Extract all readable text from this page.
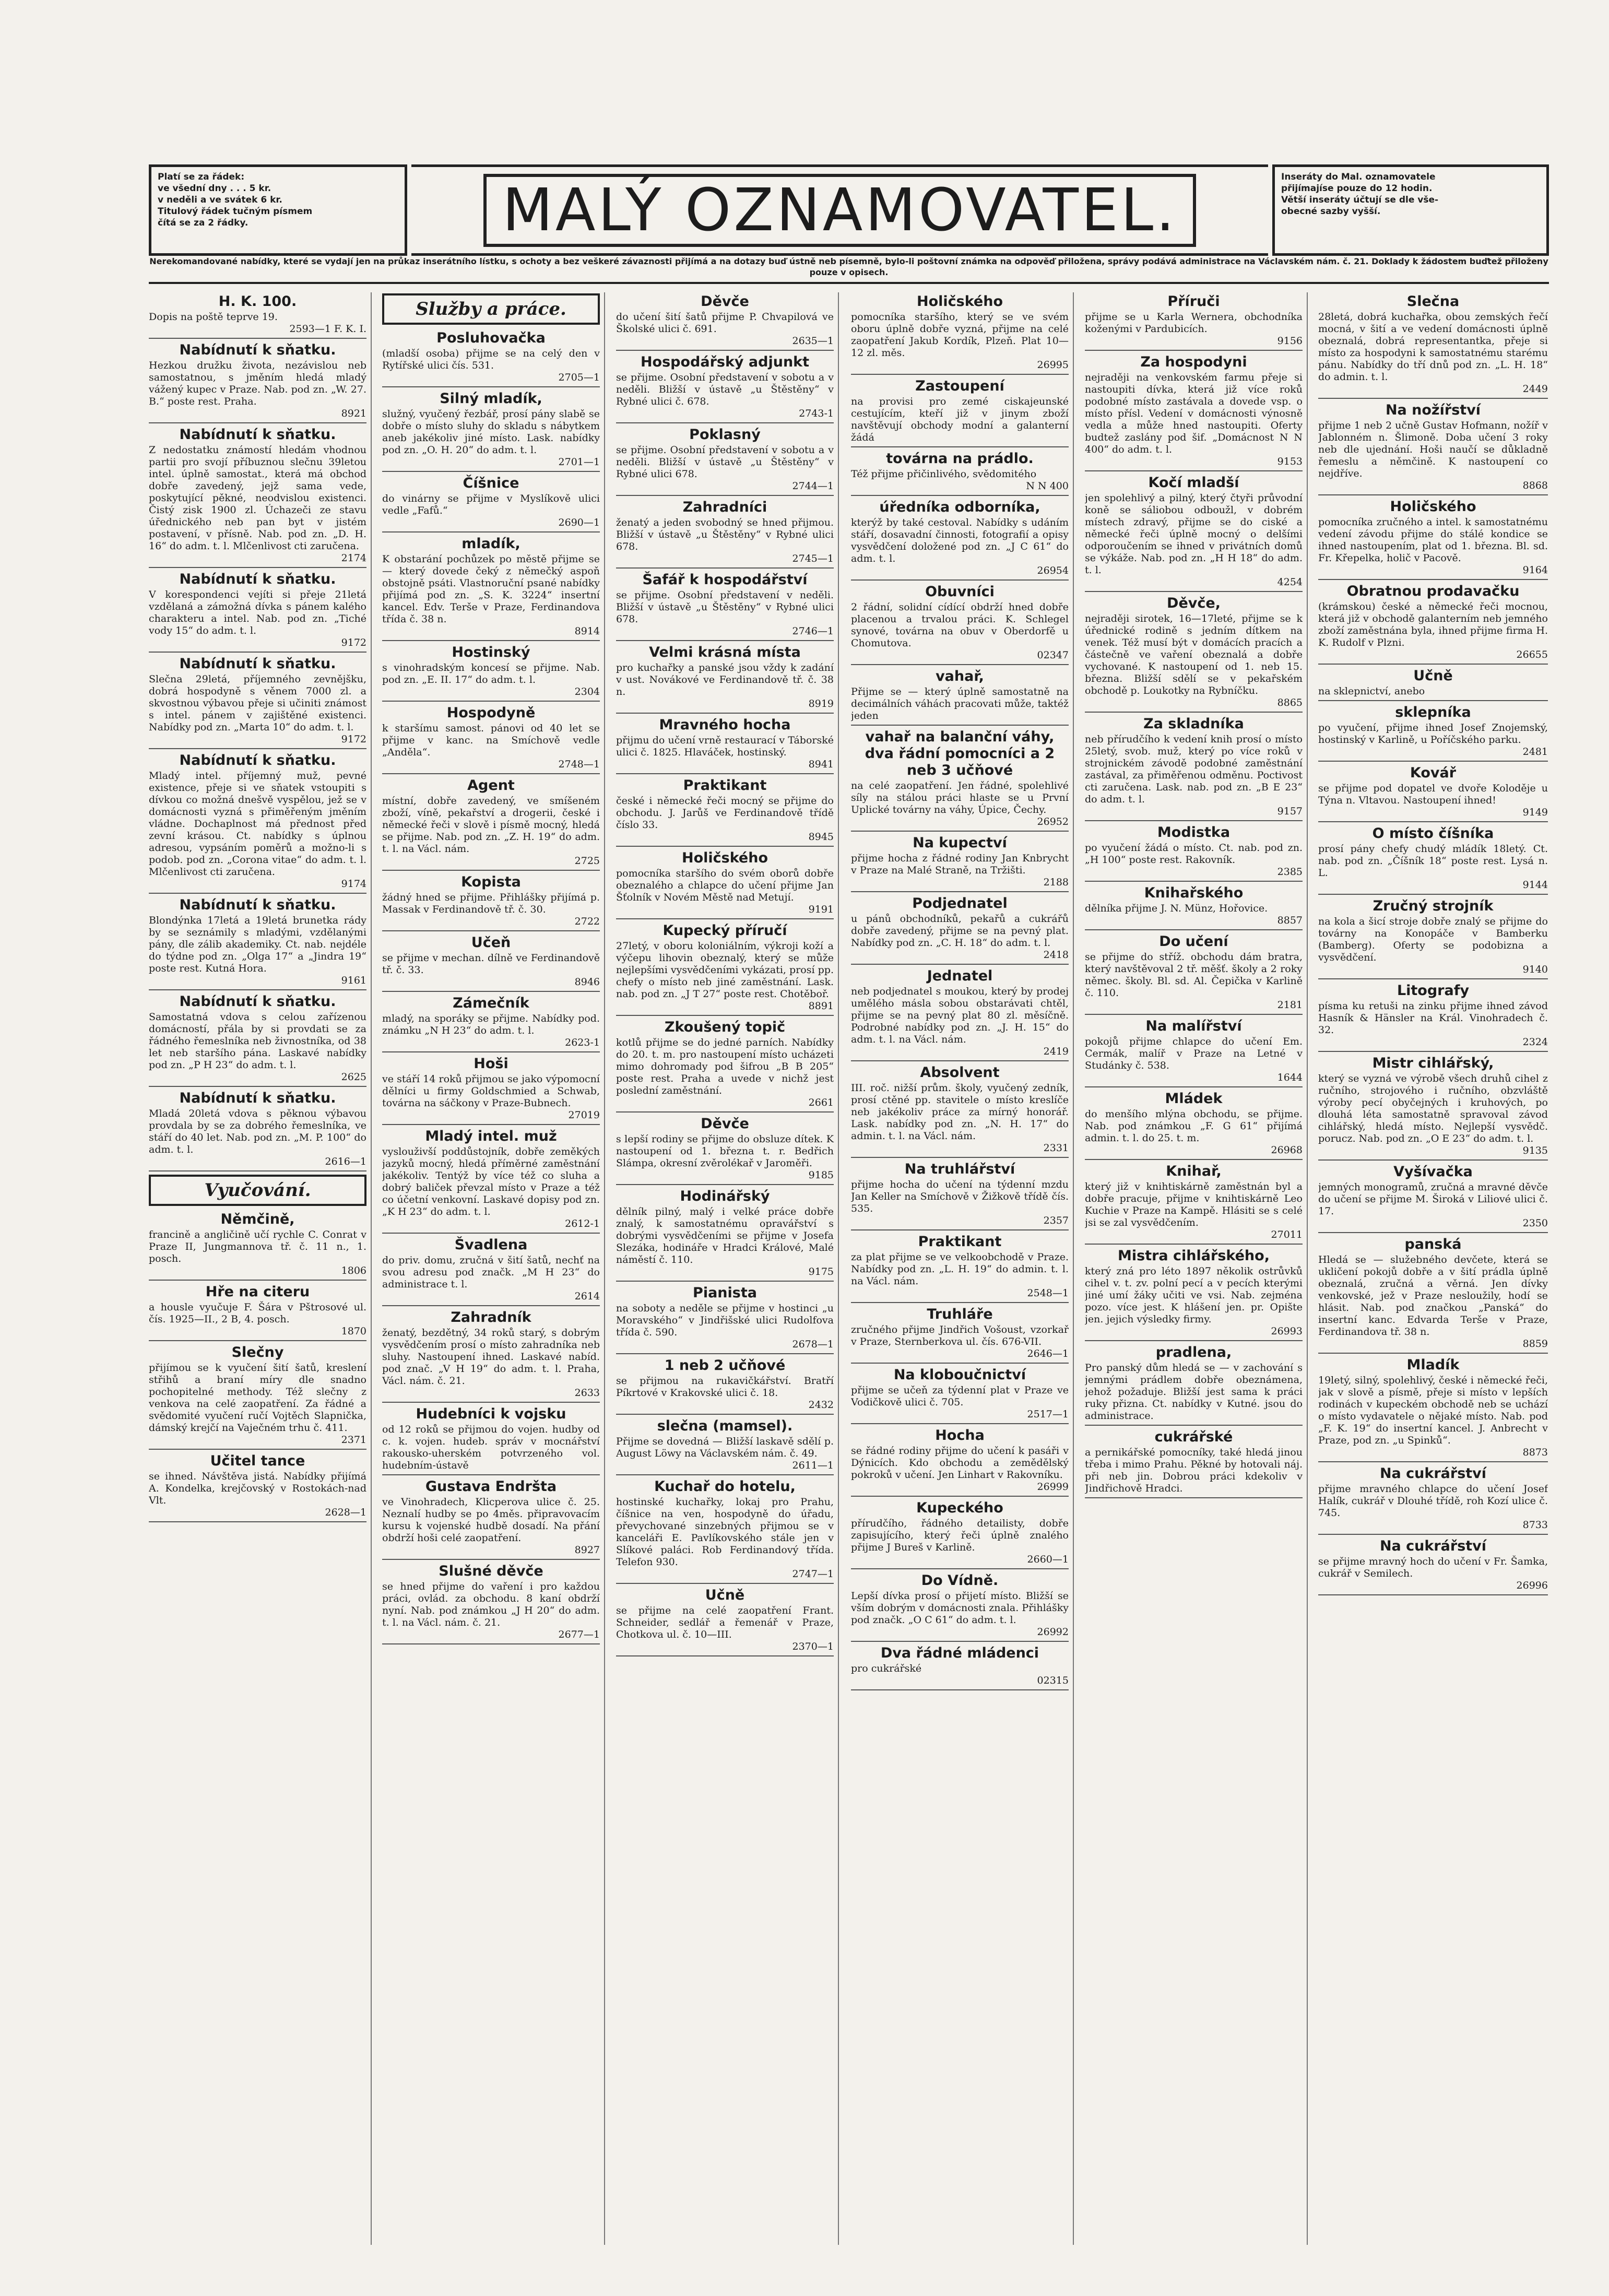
Platí se za řádek:
ve všední dny . . . 5 kr.
v neděli a ve svátek 6 kr.
Titulový řádek tučným písmem
čítá se za 2 řádky.	MALÝ OZNAMOVATEL.	Inseráty do Mal. oznamovatele
přijímajíse pouze do 12 hodin.
Větší inseráty účtují se dle vše-
obecné sazby vyšší.
Nerekomandované nabídky, které se vydají jen na průkaz inserátního lístku, s ochoty a bez veškeré závaznosti přijímá a na dotazy buď ústně neb písemně, bylo-li poštovní známka na odpověď přiložena, správy podává administrace na Václavském nám. č. 21. Doklady k žádostem buďtež přiloženy pouze v opisech.
H. K. 100.

Dopis na poště teprve 19.

2593—1 F. K. I.
Nabídnutí k sňatku.

Hezkou družku života, nezávislou neb samostatnou, s jměním hledá mladý vážený kupec v Praze. Nab. pod zn. „W. 27. B.“ poste rest. Praha.

8921
Nabídnutí k sňatku.

Z nedostatku známostí hledám vhodnou partii pro svojí příbuznou slečnu 39letou intel. úplně samostat., která má obchod dobře zavedený, jejž sama vede, poskytující pěkné, neodvislou existenci. Čistý zisk 1900 zl. Úchazeči ze stavu úřednického neb pan byt v jistém postavení, v přísně. Nab. pod zn. „D. H. 16“ do adm. t. l. Mlčenlivost cti zaručena.

2174
Nabídnutí k sňatku.

V korespondenci vejíti si přeje 21letá vzdělaná a zámožná dívka s pánem kalého charakteru a intel. Nab. pod zn. „Tiché vody 15“ do adm. t. l.

9172
Nabídnutí k sňatku.

Slečna 29letá, příjemného zevnějšku, dobrá hospodyně s věnem 7000 zl. a skvostnou výbavou přeje si učiniti známost s intel. pánem v zajištěné existenci. Nabídky pod zn. „Marta 10“ do adm. t. l.

9172
Nabídnutí k sňatku.

Mladý intel. příjemný muž, pevné existence, přeje si ve sňatek vstoupiti s dívkou co možná dnešvě vyspělou, jež se v domácnosti vyzná s přiměřeným jměním vládne. Dochaplnost má přednost před zevní krásou. Ct. nabídky s úplnou adresou, vypsáním poměrů a možno-li s podob. pod zn. „Corona vitae“ do adm. t. l. Mlčenlivost cti zaručena.

9174
Nabídnutí k sňatku.

Blondýnka 17letá a 19letá brunetka rády by se seznámily s mladými, vzdělanými pány, dle zálib akademiky. Ct. nab. nejdéle do týdne pod zn. „Olga 17“ a „Jindra 19“ poste rest. Kutná Hora.

9161
Nabídnutí k sňatku.

Samostatná vdova s celou zařízenou domácností, přála by si provdati se za řádného řemeslníka neb živnostníka, od 38 let neb staršího pána. Laskavé nabídky pod zn. „P H 23“ do adm. t. l.

2625
Nabídnutí k sňatku.

Mladá 20letá vdova s pěknou výbavou provdala by se za dobrého řemeslníka, ve stáří do 40 let. Nab. pod zn. „M. P. 100“ do adm. t. l.

2616—1
Vyučování.
Němčině,

francině a angličině učí rychle C. Conrat v Praze II, Jungmannova tř. č. 11 n., 1. posch.

1806
Hře na citeru

a housle vyučuje F. Šára v Pštrosové ul. čís. 1925—II., 2 B, 4. posch.

1870
Slečny

přijímou se k vyučení šití šatů, kreslení střihů a braní míry dle snadno pochopitelné methody. Též slečny z venkova na celé zaopatření. Za řádné a svědomité vyučení ručí Vojtěch Slapnička, dámský krejčí na Vaječném trhu č. 411.

2371
Učitel tance

se ihned. Návštěva jistá. Nabídky přijímá A. Kondelka, krejčovský v Rostokách-nad Vlt.

2628—1
Služby a práce.
Posluhovačka

(mladší osoba) přijme se na celý den v Rytířské ulici čís. 531.

2705—1
Silný mladík,

služný, vyučený řezbář, prosí pány slabě se dobře o místo sluhy do skladu s nábytkem aneb jakékoliv jiné místo. Lask. nabídky pod zn. „O. H. 20“ do adm. t. l.

2701—1
Číšnice

do vinárny se přijme v Myslíkově ulici vedle „Fafů.“

2690—1
mladík,

K obstarání pochůzek po městě přijme se — který dovede čeký z němečký aspoň obstojně psáti. Vlastnoruční psané nabídky přijímá pod zn. „S. K. 3224“ insertní kancel. Edv. Terše v Praze, Ferdinandova třída č. 38 n.

8914
Hostinský

s vinohradským koncesí se přijme. Nab. pod zn. „E. II. 17“ do adm. t. l.

2304
Hospodyně

k staršímu samost. pánovi od 40 let se přijme v kanc. na Smíchově vedle „Anděla“.

2748—1
Agent

místní, dobře zavedený, ve smíšeném zboží, víně, pekařství a drogerii, české i německé řeči v slově i písmě mocný, hledá se přijme. Nab. pod zn. „Z. H. 19“ do adm. t. l. na Václ. nám.

2725
Kopista

žádný hned se přijme. Přihlášky přijímá p. Massak v Ferdinandově tř. č. 30.

2722
Učeň

se přijme v mechan. dílně ve Ferdinandově tř. č. 33.

8946
Zámečník

mladý, na sporáky se přijme. Nabídky pod. známku „N H 23“ do adm. t. l.

2623-1
Hoši

ve stáří 14 roků přijmou se jako výpomocní dělníci u firmy Goldschmied a Schwab, továrna na sáčkony v Praze-Bubnech.

27019
Mladý intel. muž

vyslouživší poddůstojník, dobře zeměkých jazyků mocný, hledá příměrné zaměstnání jakékoliv. Tentýž by více též co sluha a dobrý baliček převzal místo v Praze a též co účetní venkovní. Laskavé dopisy pod zn. „K H 23“ do adm. t. l.

2612-1
Švadlena

do priv. domu, zručná v šití šatů, nechť na svou adresu pod značk. „M H 23“ do administrace t. l.

2614
Zahradník

ženatý, bezdětný, 34 roků starý, s dobrým vysvědčením prosí o místo zahradníka neb sluhy. Nastoupení ihned. Laskavé nabíd. pod znač. „V H 19“ do adm. t. l. Praha, Václ. nám. č. 21.

2633
Hudebníci k vojsku

od 12 roků se přijmou do vojen. hudby od c. k. vojen. hudeb. správ v mocnářství rakousko-uherském potvrzeného vol. hudebním-ústavě

Gustava Endršta

ve Vinohradech, Klicperova ulice č. 25. Neznalí hudby se po 4měs. připravovacím kursu k vojenské hudbě dosadí. Na přání obdrží hoši celé zaopatření.

8927
Slušné děvče

se hned přijme do vaření i pro každou práci, ovlád. za obchodu. 8 kaní obdrží nyní. Nab. pod známkou „J H 20“ do adm. t. l. na Václ. nám. č. 21.

2677—1
Děvče

do učení šití šatů přijme P. Chvapilová ve Školské ulici č. 691.

2635—1
Hospodářský adjunkt

se přijme. Osobní představení v sobotu a v neděli. Bližší v ústavě „u Štěstěny“ v Rybné ulici č. 678.

2743-1
Poklasný

se přijme. Osobní představení v sobotu a v neděli. Bližší v ústavě „u Štěstěny“ v Rybné ulici 678.

2744—1
Zahradníci

ženatý a jeden svobodný se hned přijmou. Bližší v ústavě „u Štěstěny“ v Rybné ulici 678.

2745—1
Šafář k hospodářství

se přijme. Osobní představení v neděli. Bližší v ústavě „u Štěstěny“ v Rybné ulici 678.

2746—1
Velmi krásná místa

pro kuchařky a panské jsou vždy k zadání v ust. Novákové ve Ferdinandově tř. č. 38 n.

8919
Mravného hocha

přijmu do učení vrně restaurací v Táborské ulici č. 1825. Hlaváček, hostinský.

8941
Praktikant

české i německé řeči mocný se přijme do obchodu. J. Jarůš ve Ferdinandově třídě číslo 33.

8945
Holičského

pomocníka staršího do svém oborů dobře obeznalého a chlapce do učení přijme Jan Šťolník v Novém Městě nad Metují.

9191
Kupecký příručí

27letý, v oboru koloniálním, výkroji koží a výčepu lihovin obeznalý, který se může nejlepšími vysvědčeními vykázati, prosí pp. chefy o místo neb jiné zaměstnání. Lask. nab. pod zn. „J T 27“ poste rest. Chotěboř.

8891
Zkoušený topič

kotlů přijme se do jedné parních. Nabídky do 20. t. m. pro nastoupení místo ucházeti mimo dohromady pod šifrou „B B 205“ poste rest. Praha a uvede v nichž jest poslední zaměstnání.

2661
Děvče

s lepší rodiny se přijme do obsluze dítek. K nastoupení od 1. března t. r. Bedřich Slámpa, okresní zvěrolékař v Jaroměři.

9185
Hodinářský

dělník pilný, malý i velké práce dobře znalý, k samostatnému opravářství s dobrými vysvědčeními se přijme v Josefa Slezáka, hodináře v Hradci Králové, Malé náměstí č. 110.

9175
Pianista

na soboty a neděle se přijme v hostinci „u Moravského“ v Jindřišské ulici Rudolfova třída č. 590.

2678—1
1 neb 2 učňové

se přijmou na rukavičkářství. Bratří Píkrtové v Krakovské ulici č. 18.

2432
slečna (mamsel).

Přijme se dovedná — Bližší laskavě sdělí p. August Löwy na Václavském nám. č. 49.

2611—1
Kuchař do hotelu,

hostinské kuchařky, lokaj pro Prahu, číšnice na ven, hospodyně do úřadu, převychované sinzebných přijmou se v kanceláři E. Pavlíkovského stále jen v Slíkové paláci. Rob Ferdinandový třída. Telefon 930.

2747—1
Učně

se přijme na celé zaopatření Frant. Schneider, sedlář a řemenář v Praze, Chotkova ul. č. 10—III.

2370—1
Holičského

pomocníka staršího, který se ve svém oboru úplně dobře vyzná, přijme na celé zaopatření Jakub Kordík, Plzeň. Plat 10—12 zl. měs.

26995
Zastoupení

na provisi pro zemé ciskajeunské cestujícím, kteří již v jinym zboží navštěvují obchody modní a galanterní žádá

továrna na prádlo.

Též přijme přičinlivého, svědomitého

N N 400
úředníka odborníka,

kterýž by také cestoval. Nabídky s udáním stáří, dosavadní činnosti, fotografií a opisy vysvědčení doložené pod zn. „J C 61“ do adm. t. l.

26954
Obuvníci

2 řádní, solidní cídící obdrží hned dobře placenou a trvalou práci. K. Schlegel synové, továrna na obuv v Oberdorfě u Chomutova.

02347
vahař,

Přijme se — který úplně samostatně na decimálních váhách pracovati může, taktéž jeden

vahař na balanční váhy, dva řádní pomocníci a 2 neb 3 učňové

na celé zaopatření. Jen řádné, spolehlivé síly na stálou práci hlaste se u První Uplické továrny na váhy, Úpice, Čechy.

26952
Na kupectví

přijme hocha z řádné rodiny Jan Knbrycht v Praze na Malé Straně, na Tržišti.

2188
Podjednatel

u pánů obchodníků, pekařů a cukrářů dobře zavedený, přijme se na pevný plat. Nabídky pod zn. „C. H. 18“ do adm. t. l.

2418
Jednatel

neb podjednatel s moukou, který by prodej umělého másla sobou obstarávati chtěl, přijme se na pevný plat 80 zl. měsíčně. Podrobné nabídky pod zn. „J. H. 15“ do adm. t. l. na Václ. nám.

2419
Absolvent

III. roč. nižší prům. školy, vyučený zedník, prosí ctěné pp. stavitele o místo kreslíče neb jakékoliv práce za mírný honorář. Lask. nabídky pod zn. „N. H. 17“ do admin. t. l. na Václ. nám.

2331
Na truhlářství

přijme hocha do učení na týdenní mzdu Jan Keller na Smíchově v Žižkově třídě čís. 535.

2357
Praktikant

za plat přijme se ve velkoobchodě v Praze. Nabídky pod zn. „L. H. 19“ do admin. t. l. na Václ. nám.

2548—1
Truhláře

zručného přijme Jindřich Vošoust, vzorkař v Praze, Sternberkova ul. čís. 676-VII.

2646—1
Na kloboučnictví

přijme se učeň za týdenní plat v Praze ve Vodičkově ulici č. 705.

2517—1
Hocha

se řádné rodiny přijme do učení k pasáři v Dýnicích. Kdo obchodu a zemědělský pokroků v učení. Jen Linhart v Rakovníku.

26999
Kupeckého

přírudčího, řádného detailisty, dobře zapisujícího, který řeči úplně znalého přijme J Bureš v Karlině.

2660—1
Do Vídně.

Lepší dívka prosí o přijetí místo. Bližší se vším dobrým v domácnosti znala. Přihlášky pod značk. „O C 61“ do adm. t. l.

26992
Dva řádné mládenci

pro cukrářské

02315
Příruči

přijme se u Karla Wernera, obchodníka koženými v Pardubicích.

9156
Za hospodyni

nejraději na venkovském farmu přeje si nastoupiti dívka, která již více roků podobné místo zastávala a dovede vsp. o místo přísl. Vedení v domácnosti výnosně vedla a může hned nastoupiti. Oferty budtež zaslány pod šif. „Domácnost N N 400“ do adm. t. l.

9153
Kočí mladší

jen spolehlivý a pilný, který čtyři průvodní koně se sáliobou odboužl, v dobrém místech zdravý, přijme se do ciské a německé řeči úplně mocný o delšími odporoučením se ihned v privátních domů se výkáže. Nab. pod zn. „H H 18“ do adm. t. l.

4254
Děvče,

nejraději sirotek, 16—17leté, přijme se k úřednické rodině s jedním dítkem na venek. Též musí být v domácích pracích a částečně ve vaření obeznalá a dobře vychované. K nastoupení od 1. neb 15. března. Bližší sdělí se v pekařském obchodě p. Loukotky na Rybníčku.

8865
Za skladníka

neb přírudčího k vedení knih prosí o místo 25letý, svob. muž, který po více roků v strojnickém závodě podobné zaměstnání zastával, za přiměřenou odměnu. Poctivost cti zaručena. Lask. nab. pod zn. „B E 23“ do adm. t. l.

9157
Modistka

po vyučení žádá o místo. Ct. nab. pod zn. „H 100“ poste rest. Rakovník.

2385
Knihařského

dělníka přijme J. N. Münz, Hořovice.

8857
Do učení

se přijme do stříž. obchodu dám bratra, který navštěvoval 2 tř. měšť. školy a 2 roky němec. školy. Bl. sd. Al. Čepička v Karlině č. 110.

2181
Na malířství

pokojů přijme chlapce do učení Em. Cermák, malíř v Praze na Letné v Studánky č. 538.

1644
Mládek

do menšího mlýna obchodu, se přijme. Nab. pod známkou „F. G 61“ přijímá admin. t. l. do 25. t. m.

26968
Knihař,

který již v knihtiskárně zaměstnán byl a dobře pracuje, přijme v knihtiskárně Leo Kuchie v Praze na Kampě. Hlásiti se s celé jsi se zal vysvědčením.

27011
Mistra cihlářského,

který zná pro léto 1897 několik ostrůvků cihel v. t. zv. polní pecí a v pecích kterými jiné umí žáky učiti ve vsi. Nab. zejména pozo. více jest. K hlášení jen. pr. Opište jen. jejich výsledky firmy.

26993
pradlena,

Pro panský dům hledá se — v zachování s jemnými prádlem dobře obeznámena, jehož požaduje. Bližší jest sama k práci ruky přizna. Ct. nabídky v Kutné. jsou do administrace.

cukrářské

a pernikářské pomocníky, také hledá jinou třeba i mimo Prahu. Pěkné by hotovali náj. při neb jin. Dobrou práci kdekoliv v Jindřichově Hradci.

Slečna

28letá, dobrá kuchařka, obou zemských řečí mocná, v šití a ve vedení domácnosti úplně obeznalá, dobrá representantka, přeje si místo za hospodyni k samostatnému starému pánu. Nabídky do tří dnů pod zn. „L. H. 18“ do admin. t. l.

2449
Na nožířství

přijme 1 neb 2 učně Gustav Hofmann, nožíř v Jablonném n. Šlimoně. Doba učení 3 roky neb dle ujednání. Hoši naučí se důkladně řemeslu a němčině. K nastoupení co nejdříve.

8868
Holičského

pomocníka zručného a intel. k samostatnému vedení závodu přijme do stálé kondice se ihned nastoupením, plat od 1. března. Bl. sd. Fr. Křepelka, holič v Pacově.

9164
Obratnou prodavačku

(krámskou) české a německé řeči mocnou, která již v obchodě galanterním neb jemného zboží zaměstnána byla, ihned přijme firma H. K. Rudolf v Plzni.

26655
Učně

na sklepnictví, anebo

sklepníka

po vyučení, přijme ihned Josef Znojemský, hostinský v Karlině, u Poříčského parku.

2481
Kovář

se přijme pod dopatel ve dvoře Koloděje u Týna n. Vltavou. Nastoupení ihned!

9149
O místo číšníka

prosí pány chefy chudý mládík 18letý. Ct. nab. pod zn. „Číšník 18“ poste rest. Lysá n. L.

9144
Zručný strojník

na kola a šicí stroje dobře znalý se přijme do továrny na Konopáče v Bamberku (Bamberg). Oferty se podobizna a vysvědčení.

9140
Litografy

písma ku retuši na zinku přijme ihned závod Hasník & Hänsler na Král. Vinohradech č. 32.

2324
Mistr cihlářský,

který se vyzná ve výrobě všech druhů cihel z ručního, strojového i ručního, obzvláště výroby pecí obyčejných i kruhových, po dlouhá léta samostatně spravoval závod cihlářský, hledá místo. Nejlepší vysvědč. porucz. Nab. pod zn. „O E 23“ do adm. t. l.

9135
Vyšívačka

jemných monogramů, zručná a mravné děvče do učení se přijme M. Široká v Liliové ulici č. 17.

2350
panská

Hledá se — služebného devčete, která se ukličení pokojů dobře a v šití prádla úplně obeznalá, zručná a věrná. Jen dívky venkovské, jež v Praze nesloužily, hodí se hlásit. Nab. pod značkou „Panská“ do insertní kanc. Edvarda Terše v Praze, Ferdinandova tř. 38 n.

8859
Mladík

19letý, silný, spolehlivý, české i německé řeči, jak v slově a písmě, přeje si místo v lepších rodinách v kupeckém obchodě neb se uchází o místo vydavatele o nějaké místo. Nab. pod „F. K. 19“ do insertní kancel. J. Anbrecht v Praze, pod zn. „u Spinků“.

8873
Na cukrářství

přijme mravného chlapce do učení Josef Halík, cukrář v Dlouhé třídě, roh Kozí ulice č. 745.

8733
Na cukrářství

se přijme mravný hoch do učení v Fr. Šamka, cukrář v Semilech.

26996
